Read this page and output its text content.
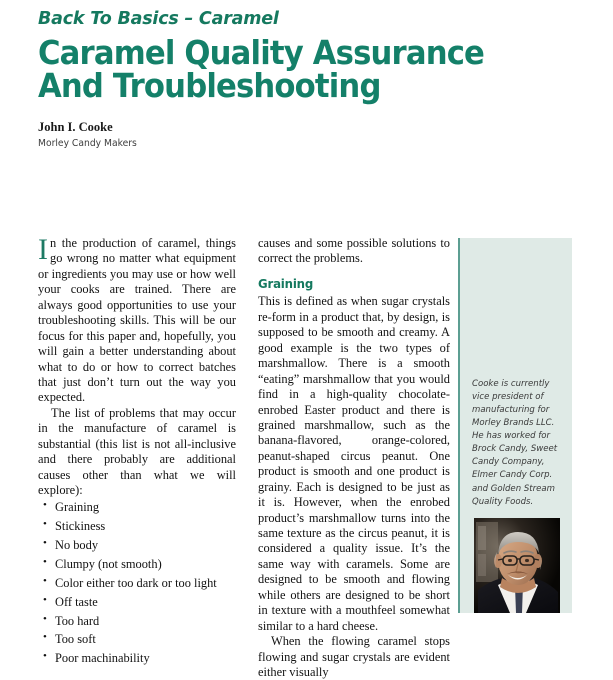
Back To Basics – Caramel
Caramel Quality Assurance
And Troubleshooting
John I. Cooke
Morley Candy Makers

In the production of caramel, things go wrong no matter what equipment or ingredients you may use or how well your cooks are trained. There are always good opportunities to use your troubleshooting skills. This will be our focus for this paper and, hopefully, you will gain a better understanding about what to do or how to correct batches that just don’t turn out the way you expected.

The list of problems that may occur in the manufacture of caramel is substantial (this list is not all-inclusive and there probably are additional causes other than what we will explore):

• Graining
• Stickiness
• No body
• Clumpy (not smooth)
• Color either too dark or too light
• Off taste
• Too hard
• Too soft
• Poor machinability

causes and some possible solutions to correct the problems.

Graining

This is defined as when sugar crystals re-form in a product that, by design, is supposed to be smooth and creamy. A good example is the two types of marshmallow. There is a smooth “eating” marshmallow that you would find in a high-quality chocolate-enrobed Easter product and there is grained marshmallow, such as the banana-flavored, orange-colored, peanut-shaped circus peanut. One product is smooth and one product is grainy. Each is designed to be just as it is. However, when the enrobed product’s marshmallow turns into the same texture as the circus peanut, it is considered a quality issue. It’s the same way with caramels. Some are designed to be smooth and flowing while others are designed to be short in texture with a mouthfeel somewhat similar to a hard cheese.

When the flowing caramel stops flowing and sugar crystals are evident either visually

Cooke is currently vice president of manufacturing for Morley Brands LLC. He has worked for Brock Candy, Sweet Candy Company, Elmer Candy Corp. and Golden Stream Quality Foods.
